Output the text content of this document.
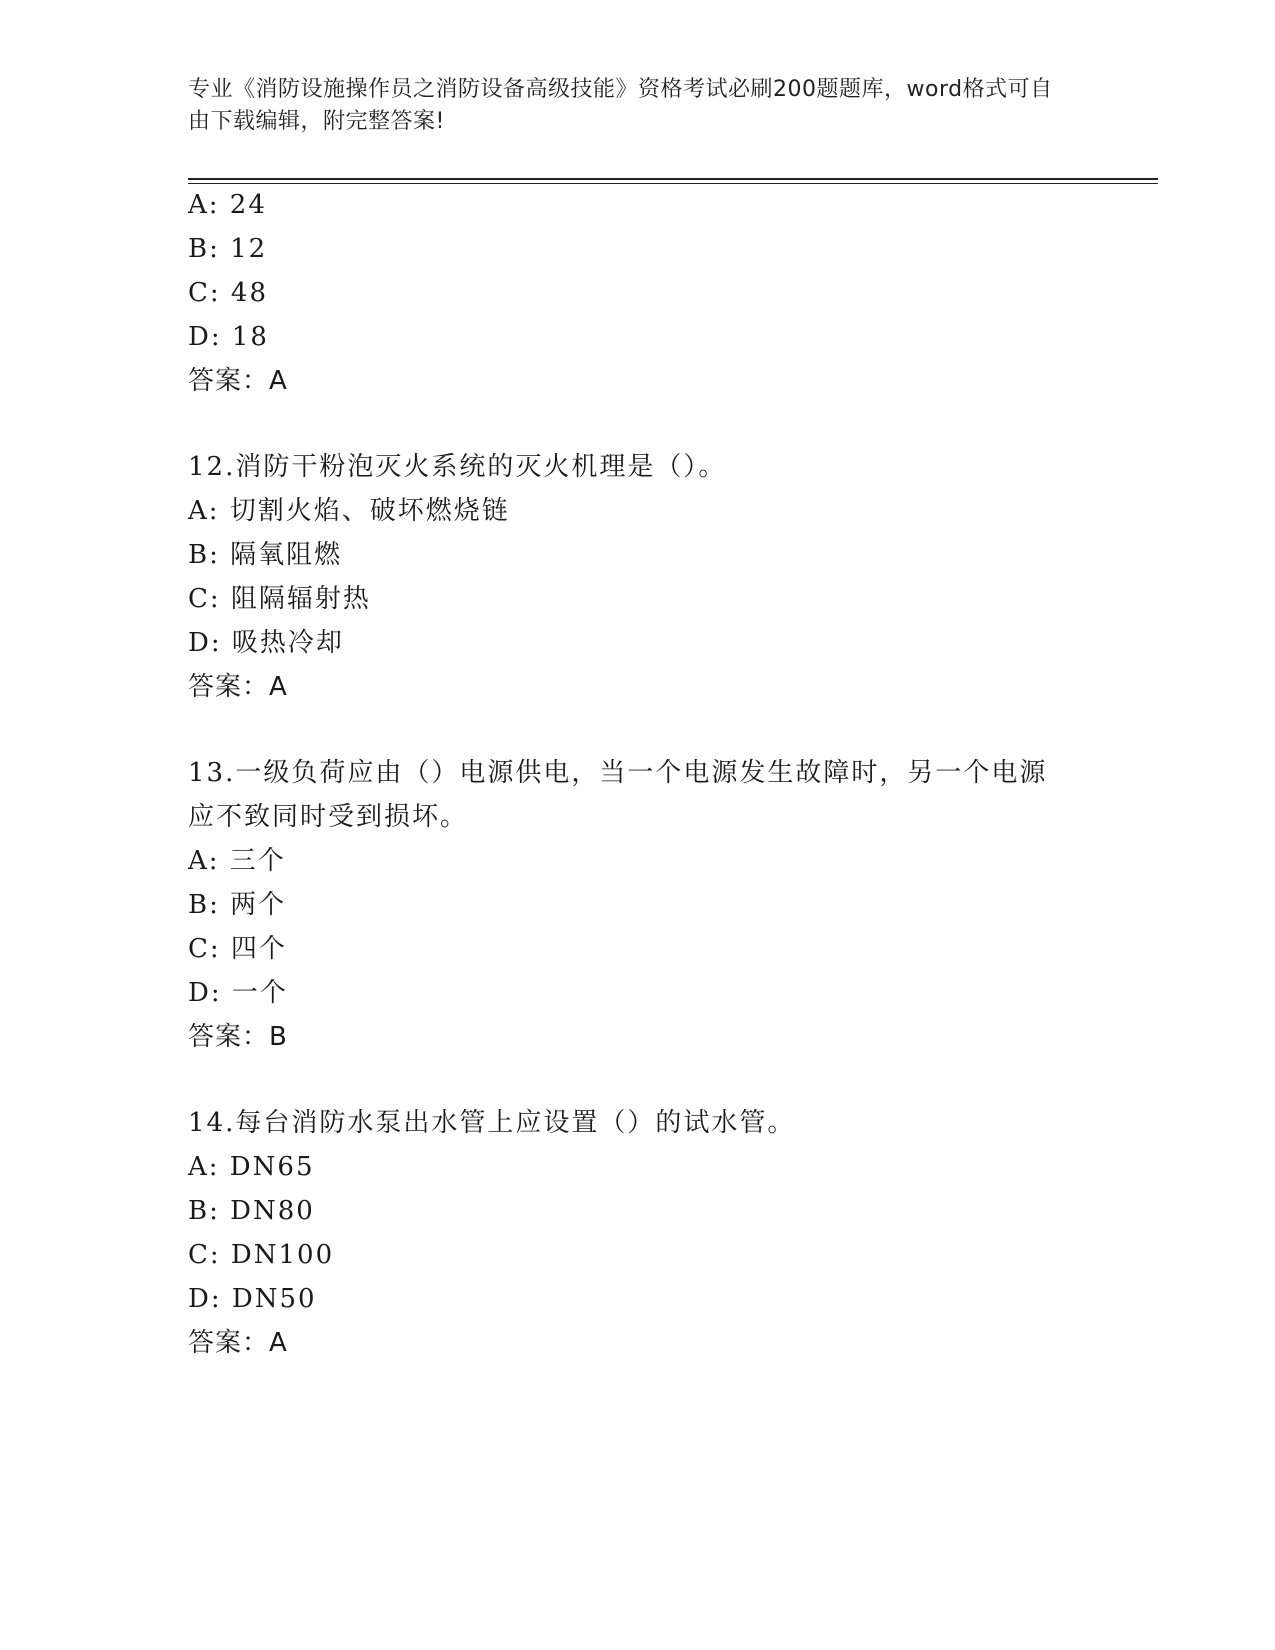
专业《消防设施操作员之消防设备高级技能》资格考试必刷200题题库，word格式可自由下载编辑，附完整答案!
A: 24
B: 12
C: 48
D: 18
答案：A
12.消防干粉泡灭火系统的灭火机理是（）。
A: 切割火焰、破坏燃烧链
B: 隔氧阻燃
C: 阻隔辐射热
D: 吸热冷却
答案：A
13.一级负荷应由（）电源供电，当一个电源发生故障时，另一个电源
应不致同时受到损坏。
A: 三个
B: 两个
C: 四个
D: 一个
答案：B
14.每台消防水泵出水管上应设置（）的试水管。
A: DN65
B: DN80
C: DN100
D: DN50
答案：A
